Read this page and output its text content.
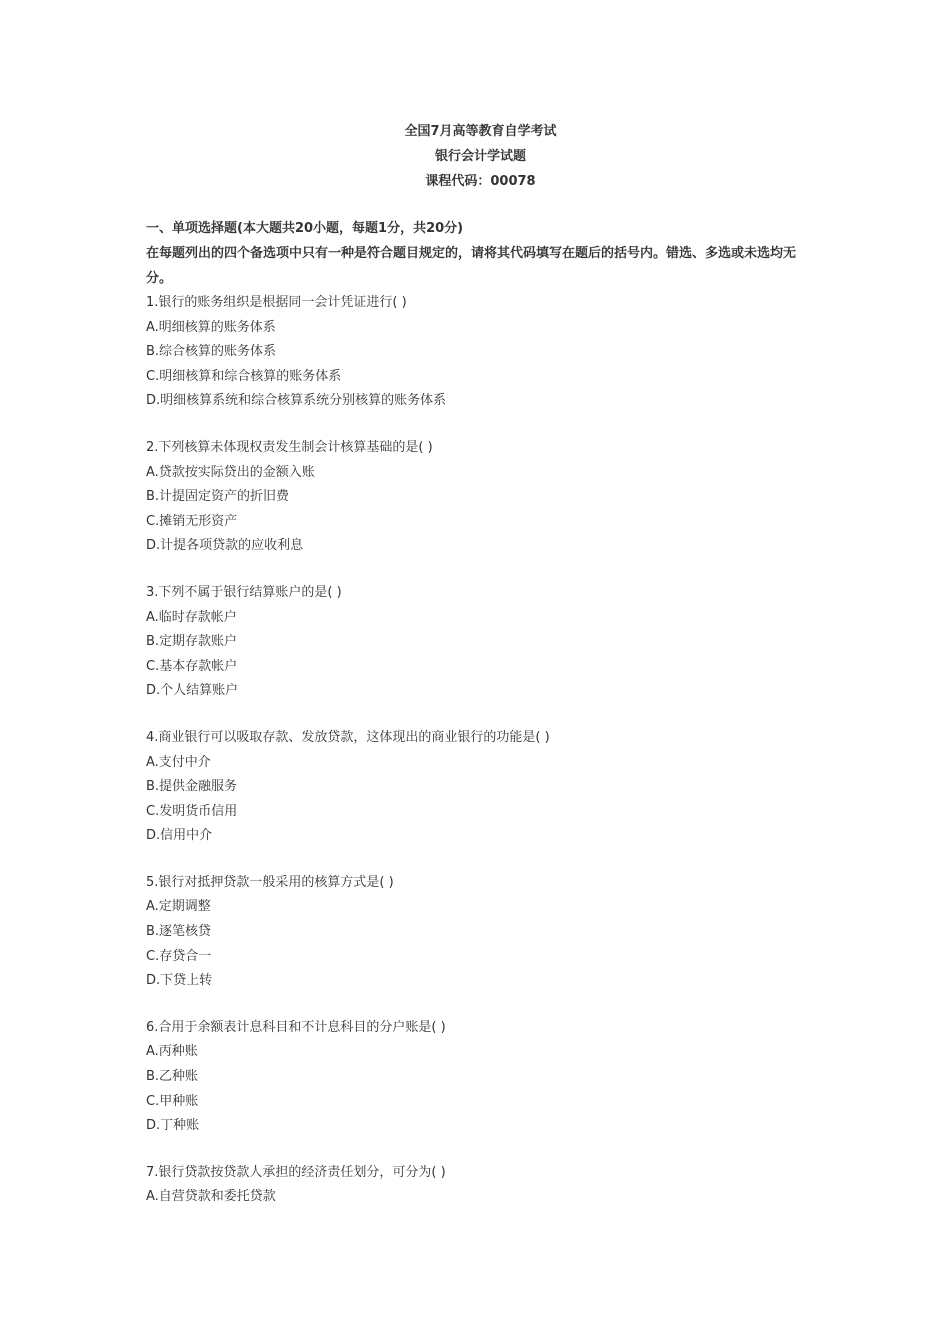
全国7月高等教育自学考试
银行会计学试题
课程代码：00078
一、单项选择题(本大题共20小题，每题1分，共20分)
在每题列出的四个备选项中只有一种是符合题目规定的，请将其代码填写在题后的括号内。错选、多选或未选均无分。
1.银行的账务组织是根据同一会计凭证进行( )
A.明细核算的账务体系
B.综合核算的账务体系
C.明细核算和综合核算的账务体系
D.明细核算系统和综合核算系统分别核算的账务体系
2.下列核算未体现权责发生制会计核算基础的是( )
A.贷款按实际贷出的金额入账
B.计提固定资产的折旧费
C.摊销无形资产
D.计提各项贷款的应收利息
3.下列不属于银行结算账户的是( )
A.临时存款帐户
B.定期存款账户
C.基本存款帐户
D.个人结算账户
4.商业银行可以吸取存款、发放贷款，这体现出的商业银行的功能是( )
A.支付中介
B.提供金融服务
C.发明货币信用
D.信用中介
5.银行对抵押贷款一般采用的核算方式是( )
A.定期调整
B.逐笔核贷
C.存贷合一
D.下贷上转
6.合用于余额表计息科目和不计息科目的分户账是( )
A.丙种账
B.乙种账
C.甲种账
D.丁种账
7.银行贷款按贷款人承担的经济责任划分，可分为( )
A.自营贷款和委托贷款
